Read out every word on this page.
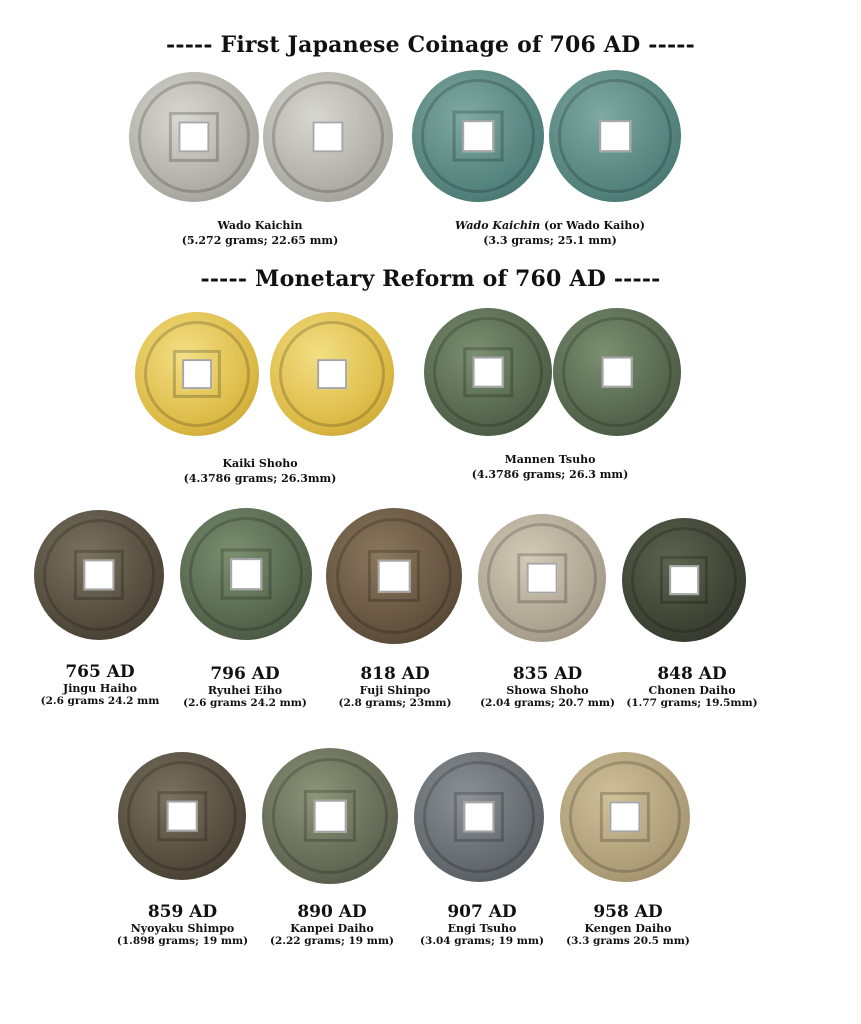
----- First Japanese Coinage of 706 AD -----
----- Monetary Reform of 760 AD -----
Wado Kaichin
(5.272 grams; 22.65 mm)
Wado Kaichin (or Wado Kaiho)
(3.3 grams; 25.1 mm)
Kaiki Shoho
(4.3786 grams; 26.3mm)
Mannen Tsuho
(4.3786 grams; 26.3 mm)
765 AD
Jingu Haiho
(2.6 grams 24.2 mm
796 AD
Ryuhei Eiho
(2.6 grams 24.2 mm)
818 AD
Fuji Shinpo
(2.8 grams; 23mm)
835 AD
Showa Shoho
(2.04 grams; 20.7 mm)
848 AD
Chonen Daiho
(1.77 grams; 19.5mm)
859 AD
Nyoyaku Shimpo
(1.898 grams; 19 mm)
890 AD
Kanpei Daiho
(2.22 grams; 19 mm)
907 AD
Engi Tsuho
(3.04 grams; 19 mm)
958 AD
Kengen Daiho
(3.3 grams 20.5 mm)
